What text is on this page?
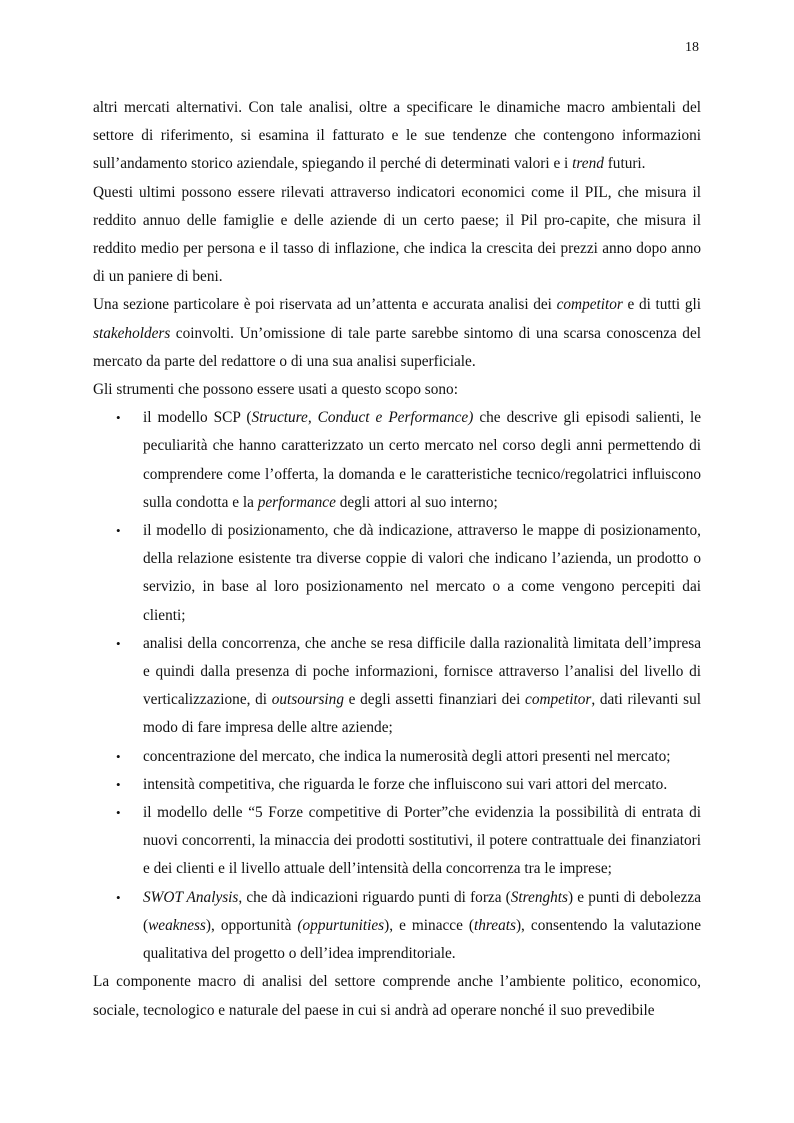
18

altri mercati alternativi. Con tale analisi, oltre a specificare le dinamiche macro ambientali del settore di riferimento, si esamina il fatturato e le sue tendenze che contengono informazioni sull’andamento storico aziendale, spiegando il perché di determinati valori e i trend futuri.

Questi ultimi possono essere rilevati attraverso indicatori economici come il PIL, che misura il reddito annuo delle famiglie e delle aziende di un certo paese; il Pil pro-capite, che misura il reddito medio per persona e il tasso di inflazione, che indica la crescita dei prezzi anno dopo anno di un paniere di beni.

Una sezione particolare è poi riservata ad un’attenta e accurata analisi dei competitor e di tutti gli stakeholders coinvolti. Un’omissione di tale parte sarebbe sintomo di una scarsa conoscenza del mercato da parte del redattore o di una sua analisi superficiale.

Gli strumenti che possono essere usati a questo scopo sono:

• il modello SCP (Structure, Conduct e Performance) che descrive gli episodi salienti, le peculiarità che hanno caratterizzato un certo mercato nel corso degli anni permettendo di comprendere come l’offerta, la domanda e le caratteristiche tecnico/regolatrici influiscono sulla condotta e la performance degli attori al suo interno;
• il modello di posizionamento, che dà indicazione, attraverso le mappe di posizionamento, della relazione esistente tra diverse coppie di valori che indicano l’azienda, un prodotto o servizio, in base al loro posizionamento nel mercato o a come vengono percepiti dai clienti;
• analisi della concorrenza, che anche se resa difficile dalla razionalità limitata dell’impresa e quindi dalla presenza di poche informazioni, fornisce attraverso l’analisi del livello di verticalizzazione, di outsoursing e degli assetti finanziari dei competitor, dati rilevanti sul modo di fare impresa delle altre aziende;
• concentrazione del mercato, che indica la numerosità degli attori presenti nel mercato;
• intensità competitiva, che riguarda le forze che influiscono sui vari attori del mercato.
• il modello delle “5 Forze competitive di Porter”che evidenzia la possibilità di entrata di nuovi concorrenti, la minaccia dei prodotti sostitutivi, il potere contrattuale dei finanziatori e dei clienti e il livello attuale dell’intensità della concorrenza tra le imprese;
• SWOT Analysis, che dà indicazioni riguardo punti di forza (Strenghts) e punti di debolezza (weakness), opportunità (oppurtunities), e minacce (threats), consentendo la valutazione qualitativa del progetto o dell’idea imprenditoriale.

La componente macro di analisi del settore comprende anche l’ambiente politico, economico, sociale, tecnologico e naturale del paese in cui si andrà ad operare nonché il suo prevedibile
